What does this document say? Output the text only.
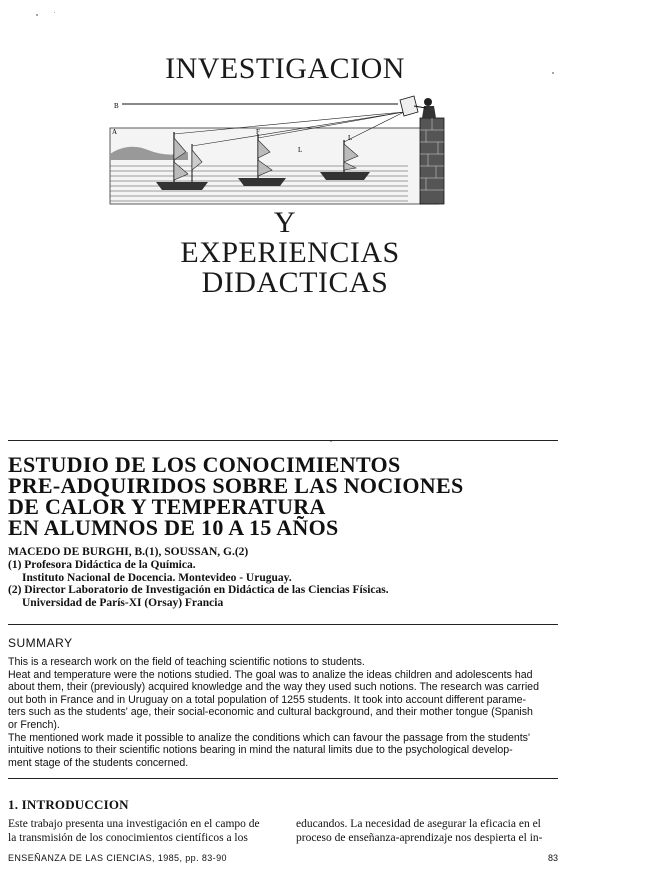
INVESTIGACION
B
F
L
L
A
Y
EXPERIENCIAS
DIDACTICAS
ESTUDIO DE LOS CONOCIMIENTOS
PRE-ADQUIRIDOS SOBRE LAS NOCIONES
DE CALOR Y TEMPERATURA
EN ALUMNOS DE 10 A 15 AÑOS
MACEDO DE BURGHI, B.(1), SOUSSAN, G.(2)
(1) Profesora Didáctica de la Química.
Instituto Nacional de Docencia. Montevideo - Uruguay.
(2) Director Laboratorio de Investigación en Didáctica de las Ciencias Físicas.
Universidad de París-XI (Orsay) Francia
SUMMARY

This is a research work on the field of teaching scientific notions to students.

Heat and temperature were the notions studied. The goal was to analize the ideas children and adolescents had

about them, their (previously) acquired knowledge and the way they used such notions. The research was carried

out both in France and in Uruguay on a total population of 1255 students. It took into account different parame-

ters such as the students' age, their social-economic and cultural background, and their mother tongue (Spanish

or French).

The mentioned work made it possible to analize the conditions which can favour the passage from the students'

intuitive notions to their scientific notions bearing in mind the natural limits due to the psychological develop-

ment stage of the students concerned.

1. INTRODUCCION
Este trabajo presenta una investigación en el campo de
la transmisión de los conocimientos científicos a los
educandos. La necesidad de asegurar la eficacia en el
proceso de enseñanza-aprendizaje nos despierta el in-
ENSEÑANZA DE LAS CIENCIAS, 1985, pp. 83-90	83
